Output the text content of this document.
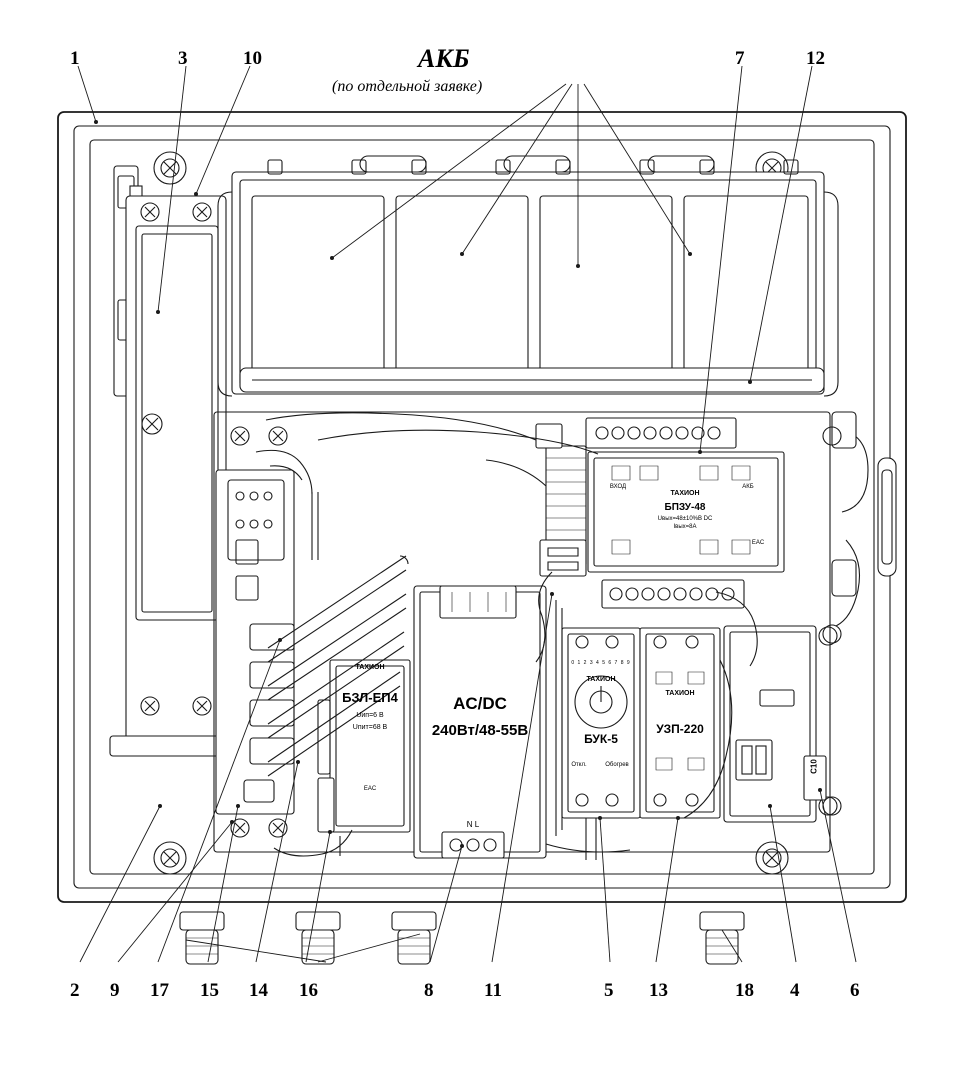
АКБ
(по отдельной заявке)
ТАХИОН
БПЗУ-48
Uвых=48±10%В DC
Iвых=8А
EAC
ВХОД	АКБ
ТАХИОН
БЗЛ-ЕП4
Uип=6 В
Uпит=68 В
EAC
AC/DC
240Вт/48-55В
N L
ТАХИОН
БУК-5
Откл.	Обогрев
0 1 2 3 4 5 6 7 8 9
ТАХИОН
УЗП-220
C10
1	3	10	7	12
2 9 17 15 14 16	8	11	5 13	18 4	6
